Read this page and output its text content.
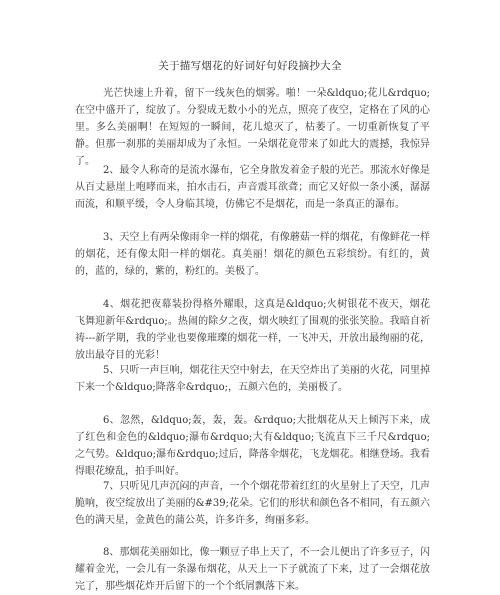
关于描写烟花的好词好句好段摘抄大全

光芒快速上升着，留下一线灰色的烟雾。啪！一朵&ldquo;花儿&rdquo;在空中盛开了，绽放了。分裂成无数小小的光点，照亮了夜空，定格在了风的心里。多么美丽啊！在短短的一瞬间，花儿熄灭了，枯萎了。一切重新恢复了平静。但那一刹那的美丽却成为了永恒。一朵烟花竟带来了如此大的震撼，我惊异了。

2、最令人称奇的是流水瀑布，它全身散发着金子般的光芒。那流水好像是从百丈悬崖上咆哮而来，拍水击石，声音震耳欲聋；而它又好似一条小溪，潺潺而流，和顺平缓，令人身临其境，仿佛它不是烟花，而是一条真正的瀑布。

3、天空上有两朵像雨伞一样的烟花，有像蘑菇一样的烟花，有像鲜花一样的烟花，还有像太阳一样的烟花。真美丽！烟花的颜色五彩缤纷。有红的，黄的，蓝的，绿的，紫的，粉红的。美极了。

4、烟花把夜幕装扮得格外耀眼，这真是&ldquo;火树银花不夜天，烟花飞舞迎新年&rdquo;。热闹的除夕之夜，烟火映红了围观的张张笑脸。我暗自祈祷---新学期，我的学业也要像璀璨的烟花一样，一飞冲天，开放出最绚丽的花，放出最夺目的光彩！

5、只听一声巨响，烟花往天空中射去，在天空炸出了美丽的火花，同里掉下来一个&ldquo;降落伞&rdquo;，五颜六色的，美丽极了。

6、忽然，&ldquo;轰，轰，轰。&rdquo;大批烟花从天上倾泻下来，成了红色和金色的&ldquo;瀑布&rdquo;大有&ldquo;飞流直下三千尺&rdquo;之气势。&ldquo;瀑布&rdquo;过后，降落伞烟花，飞龙烟花。相继登场。我看得眼花缭乱，拍手叫好。

7、只听见几声沉闷的声音，一个个烟花带着红红的火星射上了天空，几声脆响，夜空绽放出了美丽的&#39;花朵。它们的形状和颜色各不相同，有五颜六色的满天星，金黄色的蒲公英，许多许多，绚丽多彩。

8、那烟花美丽如比，像一颗豆子串上天了，不一会儿便出了许多豆子，闪耀着金光，一会儿有一条瀑布烟花，从天上一下子就流了下来，过了一会烟花放完了，那些烟花炸开后留下的一个个纸屑飘落下来。
